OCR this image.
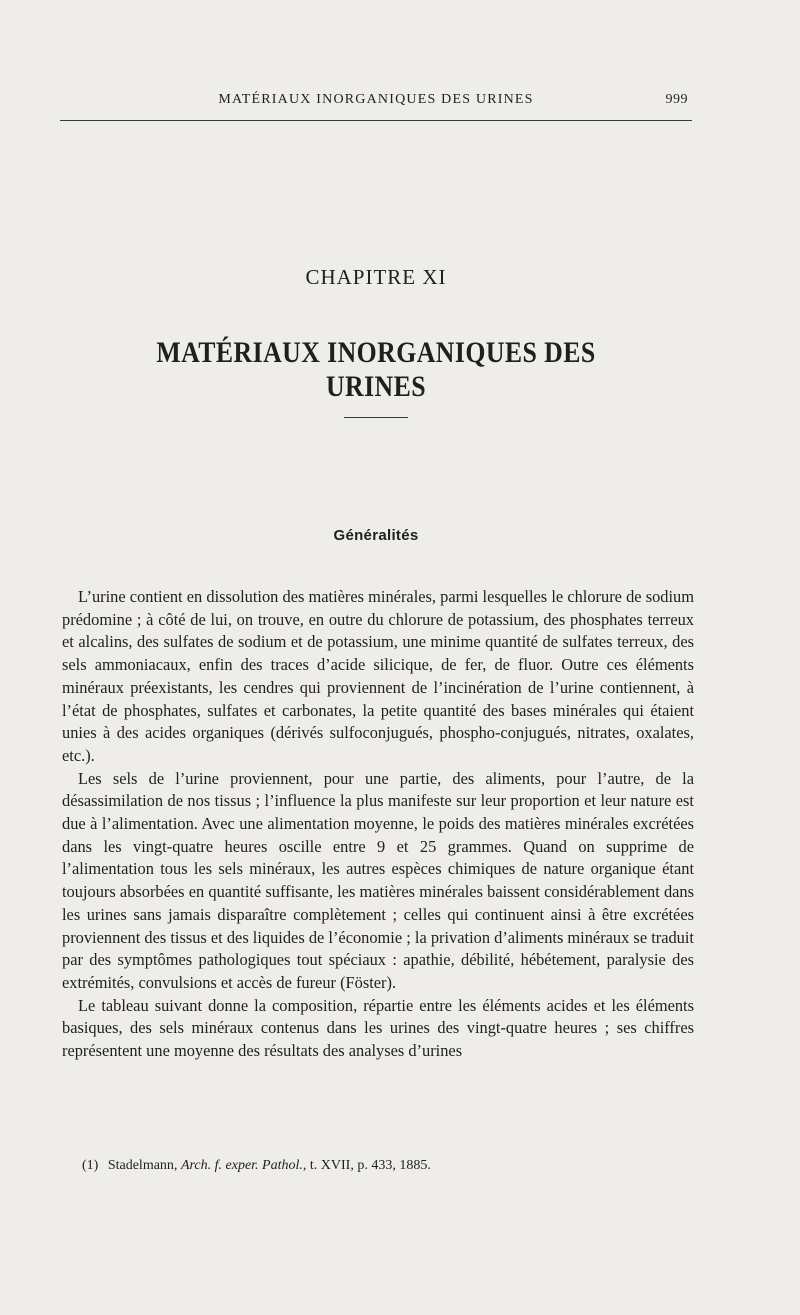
MATÉRIAUX INORGANIQUES DES URINES	999
CHAPITRE XI
MATÉRIAUX INORGANIQUES DES URINES
Généralités

L’urine contient en dissolution des matières minérales, parmi lesquelles le chlorure de sodium prédomine ; à côté de lui, on trouve, en outre du chlorure de potassium, des phosphates terreux et alcalins, des sulfates de sodium et de potassium, une minime quantité de sulfates terreux, des sels ammoniacaux, enfin des traces d’acide silicique, de fer, de fluor. Outre ces éléments minéraux préexistants, les cendres qui proviennent de l’incinération de l’urine contiennent, à l’état de phosphates, sulfates et carbonates, la petite quantité des bases minérales qui étaient unies à des acides organiques (dérivés sulfoconjugués, phospho-conjugués, nitrates, oxalates, etc.).

Les sels de l’urine proviennent, pour une partie, des aliments, pour l’autre, de la désassimilation de nos tissus ; l’influence la plus manifeste sur leur proportion et leur nature est due à l’alimentation. Avec une alimentation moyenne, le poids des matières minérales excrétées dans les vingt-quatre heures oscille entre 9 et 25 grammes. Quand on supprime de l’alimentation tous les sels minéraux, les autres espèces chimiques de nature organique étant toujours absorbées en quantité suffisante, les matières minérales baissent considérablement dans les urines sans jamais disparaître complètement ; celles qui continuent ainsi à être excrétées proviennent des tissus et des liquides de l’économie ; la privation d’aliments minéraux se traduit par des symptômes pathologiques tout spéciaux : apathie, débilité, hébétement, paralysie des extrémités, convulsions et accès de fureur (Föster).

Le tableau suivant donne la composition, répartie entre les éléments acides et les éléments basiques, des sels minéraux contenus dans les urines des vingt-quatre heures ; ses chiffres représentent une moyenne des résultats des analyses d’urines

(1) Stadelmann, Arch. f. exper. Pathol., t. XVII, p. 433, 1885.
